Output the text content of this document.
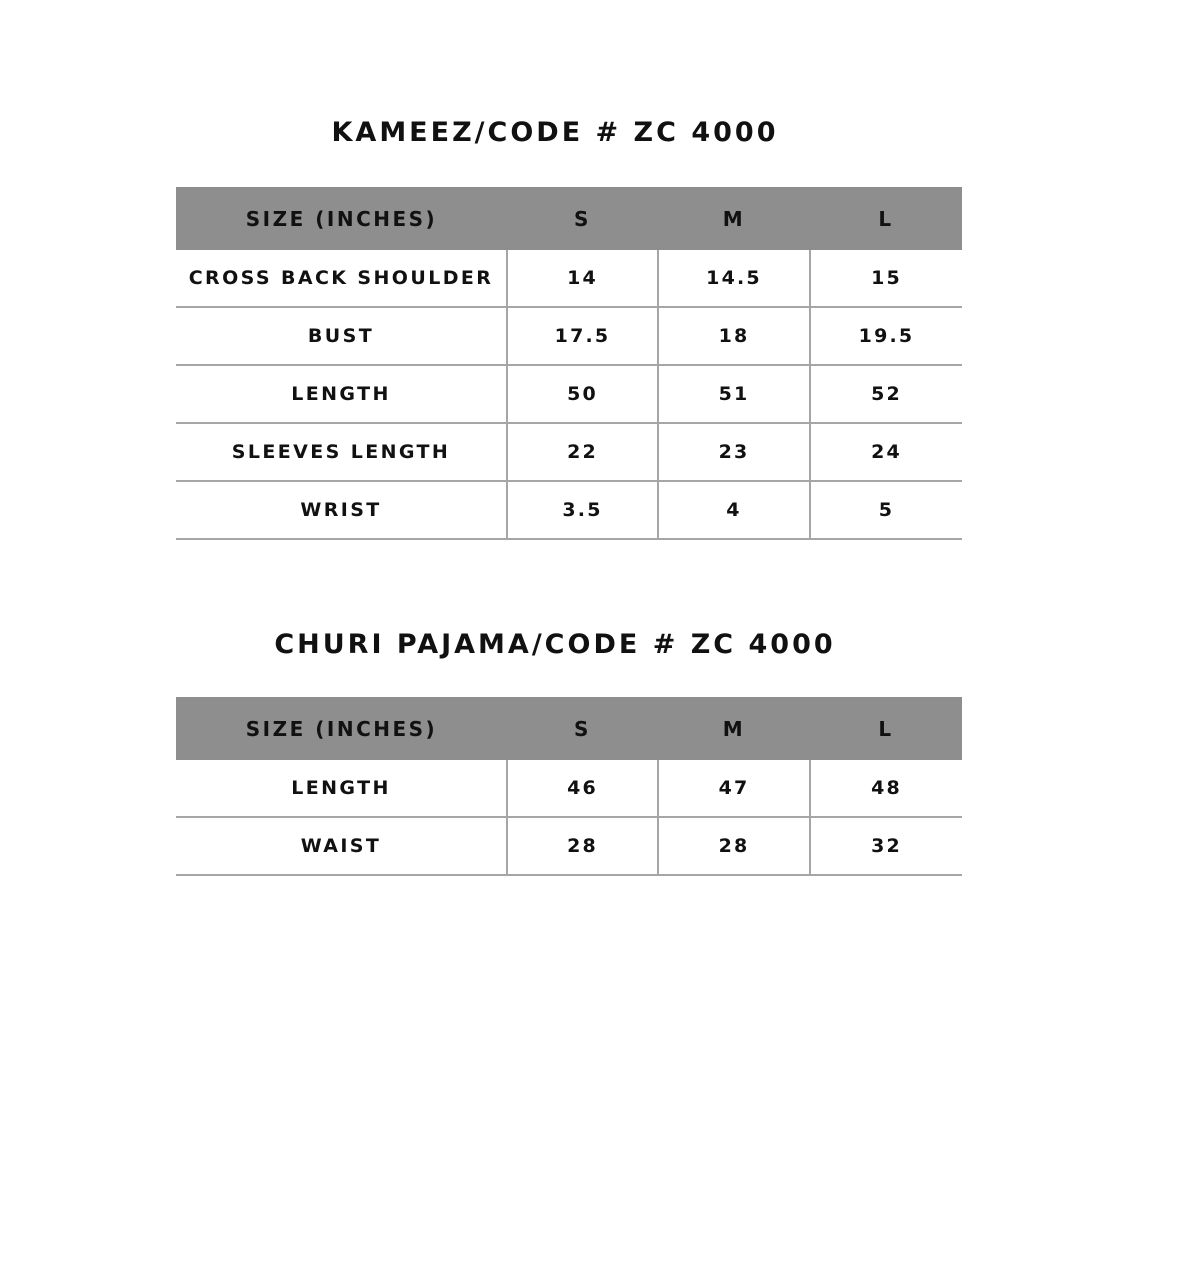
KAMEEZ/CODE # ZC 4000
SIZE (INCHES)	S	M	L
CROSS BACK SHOULDER	14	14.5	15
BUST	17.5	18	19.5
LENGTH	50	51	52
SLEEVES LENGTH	22	23	24
WRIST	3.5	4	5
CHURI PAJAMA/CODE # ZC 4000
SIZE (INCHES)	S	M	L
LENGTH	46	47	48
WAIST	28	28	32
